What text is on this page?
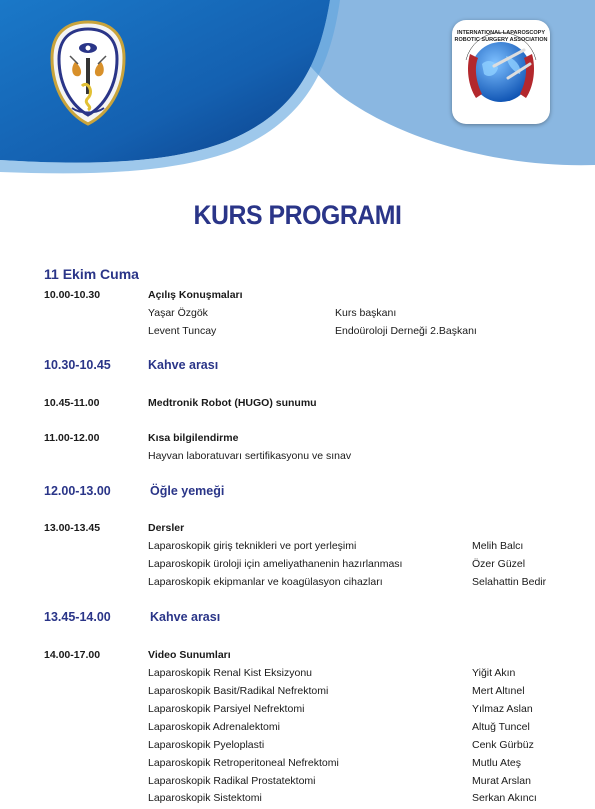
INTERNATIONAL LAPAROSCOPY
ROBOTIC SURGERY ASSOCIATION
KURS PROGRAMI
11 Ekim Cuma
10.00-10.30	Açılış Konuşmaları
Yaşar Özgök	Kurs başkanı
Levent Tuncay	Endoüroloji Derneği 2.Başkanı
10.30-10.45	Kahve arası
10.45-11.00	Medtronik Robot (HUGO) sunumu
11.00-12.00	Kısa bilgilendirme
Hayvan laboratuvarı sertifikasyonu ve sınav
12.00-13.00	Öğle yemeği
13.00-13.45	Dersler
Laparoskopik giriş teknikleri ve port yerleşimi	Melih Balcı
Laparoskopik üroloji için ameliyathanenin hazırlanması	Özer Güzel
Laparoskopik ekipmanlar ve koagülasyon cihazları	Selahattin Bedir
13.45-14.00	Kahve arası
14.00-17.00	Video Sunumları
Laparoskopik Renal Kist Eksizyonu	Yiğit Akın
Laparoskopik Basit/Radikal Nefrektomi	Mert Altınel
Laparoskopik Parsiyel Nefrektomi	Yılmaz Aslan
Laparoskopik Adrenalektomi	Altuğ Tuncel
Laparoskopik Pyeloplasti	Cenk Gürbüz
Laparoskopik Retroperitoneal Nefrektomi	Mutlu Ateş
Laparoskopik Radikal Prostatektomi	Murat Arslan
Laparoskopik Sistektomi	Serkan Akıncı
